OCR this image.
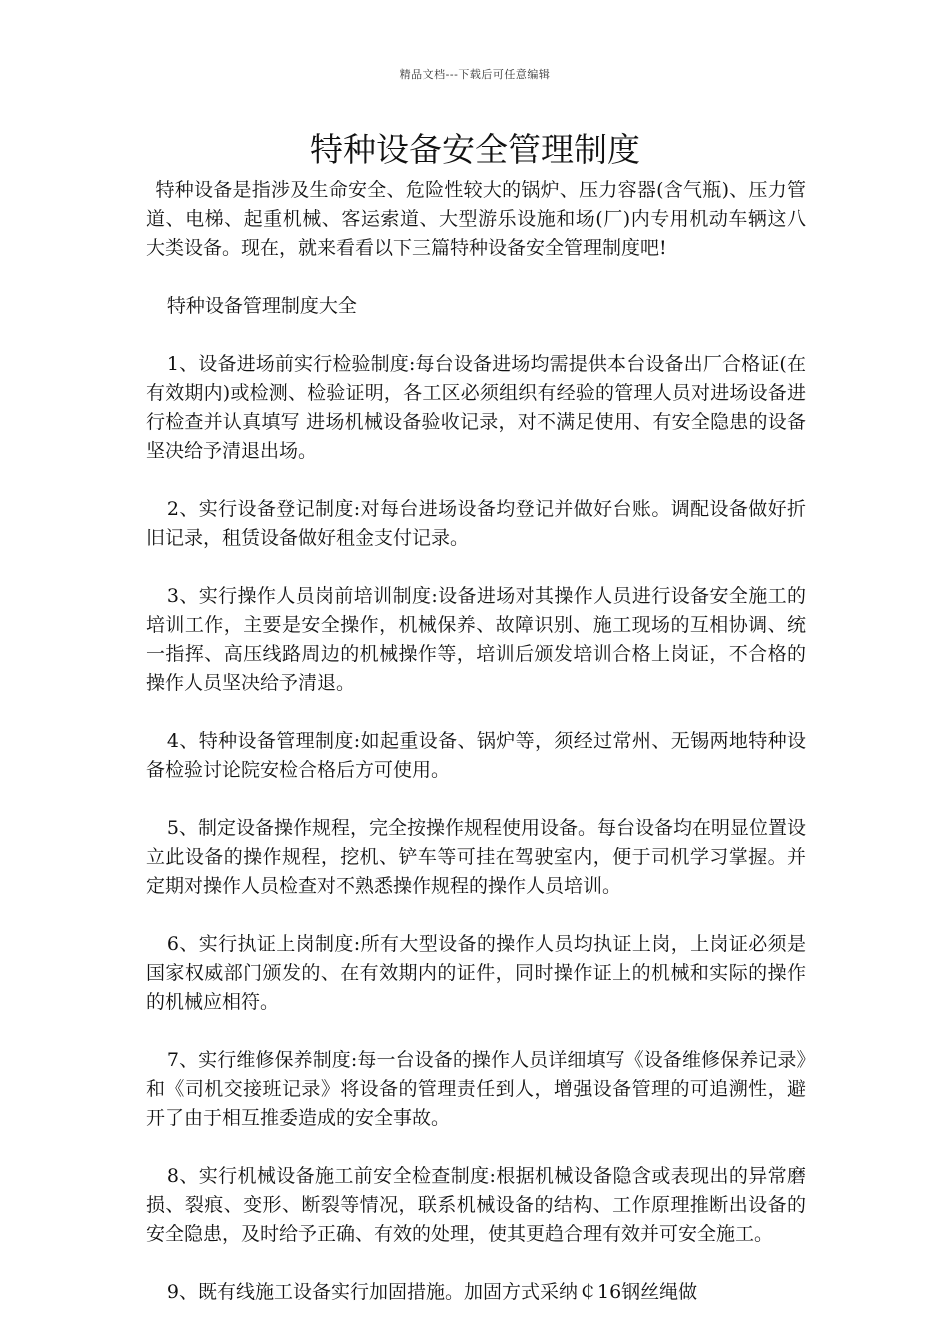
精品文档---下载后可任意编辑
特种设备安全管理制度

特种设备是指涉及生命安全、危险性较大的锅炉、压力容器(含气瓶)、压力管道、电梯、起重机械、客运索道、大型游乐设施和场(厂)内专用机动车辆这八大类设备。现在，就来看看以下三篇特种设备安全管理制度吧!

特种设备管理制度大全

1、设备进场前实行检验制度:每台设备进场均需提供本台设备出厂合格证(在有效期内)或检测、检验证明，各工区必须组织有经验的管理人员对进场设备进行检查并认真填写 进场机械设备验收记录，对不满足使用、有安全隐患的设备坚决给予清退出场。

2、实行设备登记制度:对每台进场设备均登记并做好台账。调配设备做好折旧记录，租赁设备做好租金支付记录。

3、实行操作人员岗前培训制度:设备进场对其操作人员进行设备安全施工的培训工作，主要是安全操作，机械保养、故障识别、施工现场的互相协调、统一指挥、高压线路周边的机械操作等，培训后颁发培训合格上岗证，不合格的操作人员坚决给予清退。

4、特种设备管理制度:如起重设备、锅炉等，须经过常州、无锡两地特种设备检验讨论院安检合格后方可使用。

5、制定设备操作规程，完全按操作规程使用设备。每台设备均在明显位置设立此设备的操作规程，挖机、铲车等可挂在驾驶室内，便于司机学习掌握。并定期对操作人员检查对不熟悉操作规程的操作人员培训。

6、实行执证上岗制度:所有大型设备的操作人员均执证上岗，上岗证必须是国家权威部门颁发的、在有效期内的证件，同时操作证上的机械和实际的操作的机械应相符。

7、实行维修保养制度:每一台设备的操作人员详细填写《设备维修保养记录》和《司机交接班记录》将设备的管理责任到人，增强设备管理的可追溯性，避开了由于相互推委造成的安全事故。

8、实行机械设备施工前安全检查制度:根据机械设备隐含或表现出的异常磨损、裂痕、变形、断裂等情况，联系机械设备的结构、工作原理推断出设备的安全隐患，及时给予正确、有效的处理，使其更趋合理有效并可安全施工。

9、既有线施工设备实行加固措施。加固方式采纳￠16钢丝绳做
